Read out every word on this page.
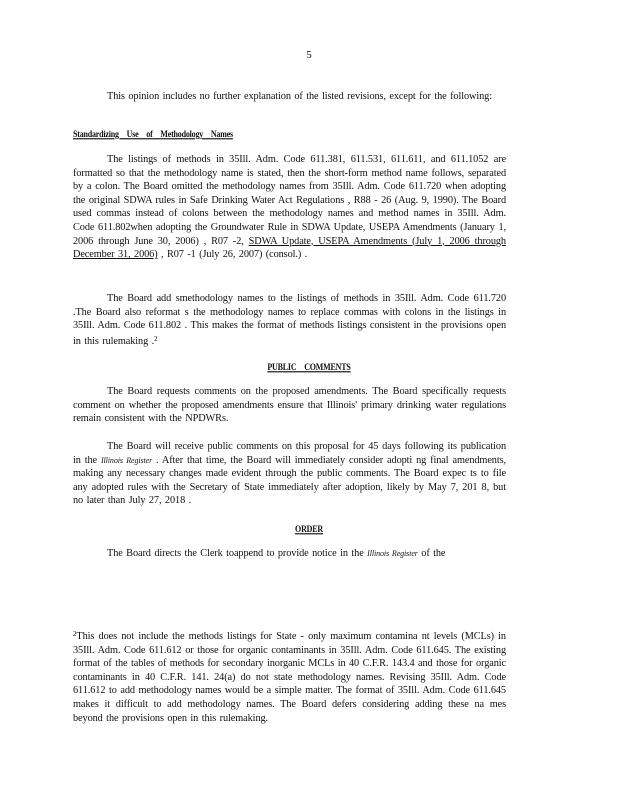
5
This opinion includes no further explanation of the listed revisions, except for the following:
Standardizing Use of Methodology Names
The listings of methods in 35Ill. Adm. Code 611.381, 611.531, 611.611, and 611.1052 are formatted so that the methodology name is stated, then the short-form method name follows, separated by a colon. The Board omitted the methodology names from 35Ill. Adm. Code 611.720 when adopting the original SDWA rules in Safe Drinking Water Act Regulations , R88 - 26 (Aug. 9, 1990). The Board used commas instead of colons between the methodology names and method names in 35Ill. Adm. Code 611.802when adopting the Groundwater Rule in SDWA Update, USEPA Amendments (January 1, 2006 through June 30, 2006) , R07 -2, SDWA Update, USEPA Amendments (July 1, 2006 through December 31, 2006) , R07 -1 (July 26, 2007) (consol.) .
The Board add smethodology names to the listings of methods in 35Ill. Adm. Code 611.720 .The Board also reformat s the methodology names to replace commas with colons in the listings in 35Ill. Adm. Code 611.802 . This makes the format of methods listings consistent in the provisions open in this rulemaking .$^2$
PUBLIC COMMENTS
The Board requests comments on the proposed amendments. The Board specifically requests comment on whether the proposed amendments ensure that Illinois' primary drinking water regulations remain consistent with the NPDWRs.
The Board will receive public comments on this proposal for 45 days following its publication in the Illinois Register . After that time, the Board will immediately consider adopti ng final amendments, making any necessary changes made evident through the public comments. The Board expec ts to file any adopted rules with the Secretary of State immediately after adoption, likely by May 7, 201 8, but no later than July 27, 2018 .
ORDER
The Board directs the Clerk toappend to provide notice in the Illinois Register of the
$^2$This does not include the methods listings for State - only maximum contamina nt levels (MCLs) in 35Ill. Adm. Code 611.612 or those for organic contaminants in 35Ill. Adm. Code 611.645. The existing format of the tables of methods for secondary inorganic MCLs in 40 C.F.R. 143.4 and those for organic contaminants in 40 C.F.R. 141. 24(a) do not state methodology names. Revising 35Ill. Adm. Code 611.612 to add methodology names would be a simple matter. The format of 35Ill. Adm. Code 611.645 makes it difficult to add methodology names. The Board defers considering adding these na mes beyond the provisions open in this rulemaking.
